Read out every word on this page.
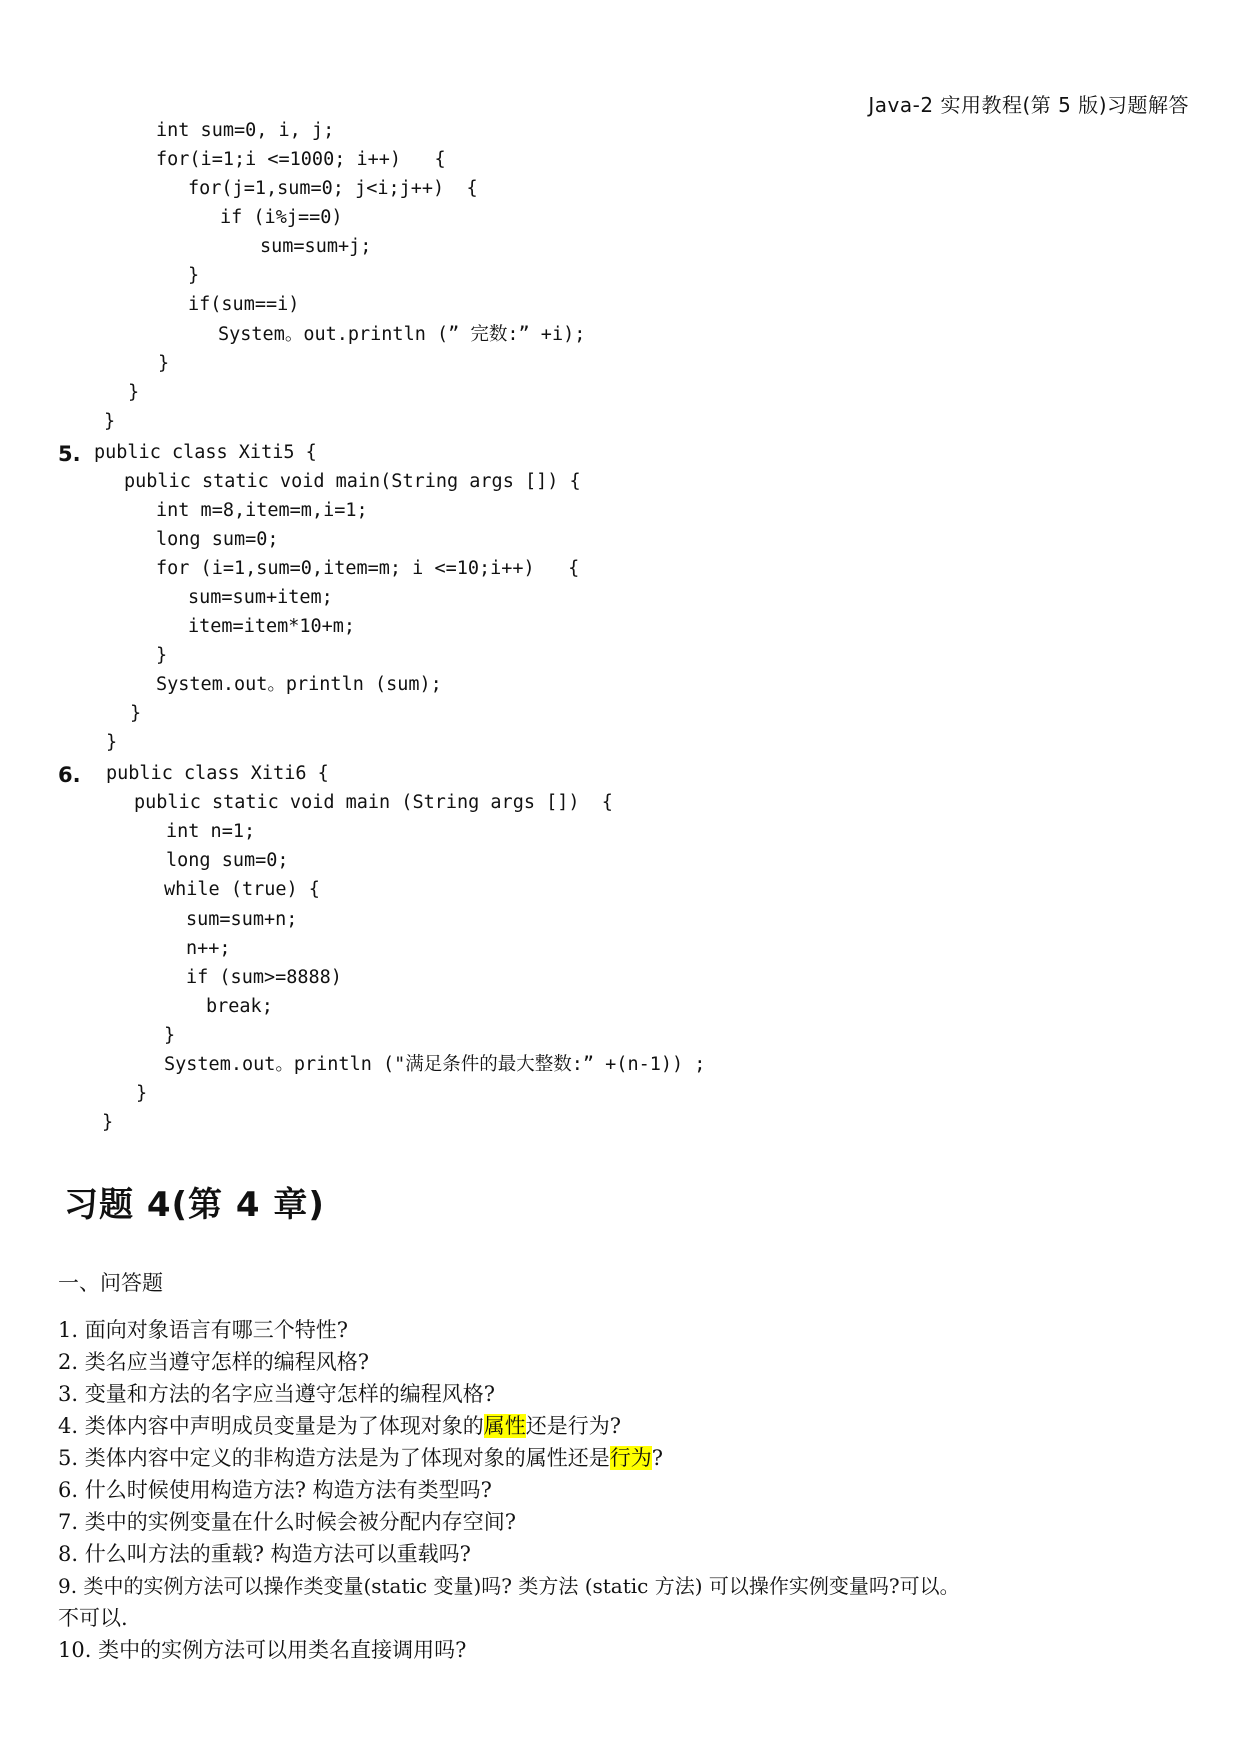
Java-2 实用教程(第 5 版)习题解答
int sum=0, i, j;
for(i=1;i <=1000; i++)   {
for(j=1,sum=0; j<i;j++)  {
if (i%j==0)
sum=sum+j;
}
if(sum==i)
System。out.println (” 完数:” +i);
}
}
}
5. public class Xiti5 {
public static void main(String args []) {
int m=8,item=m,i=1;
long sum=0;
for (i=1,sum=0,item=m; i <=10;i++)   {
sum=sum+item;
item=item*10+m;
}
System.out。println (sum);
}
}
6. public class Xiti6 {
public static void main (String args [])  {
int n=1;
long sum=0;
while (true) {
sum=sum+n;
n++;
if (sum>=8888)
break;
}
System.out。println ("满足条件的最大整数:” +(n-1)) ;
}
}
习题 4(第 4 章)
一、问答题
1. 面向对象语言有哪三个特性?
2. 类名应当遵守怎样的编程风格?
3. 变量和方法的名字应当遵守怎样的编程风格?
4. 类体内容中声明成员变量是为了体现对象的属性还是行为?
5. 类体内容中定义的非构造方法是为了体现对象的属性还是行为?
6. 什么时候使用构造方法? 构造方法有类型吗?
7. 类中的实例变量在什么时候会被分配内存空间?
8. 什么叫方法的重载? 构造方法可以重载吗?
9. 类中的实例方法可以操作类变量(static 变量)吗? 类方法 (static 方法) 可以操作实例变量吗?可以。
不可以.
10. 类中的实例方法可以用类名直接调用吗?
